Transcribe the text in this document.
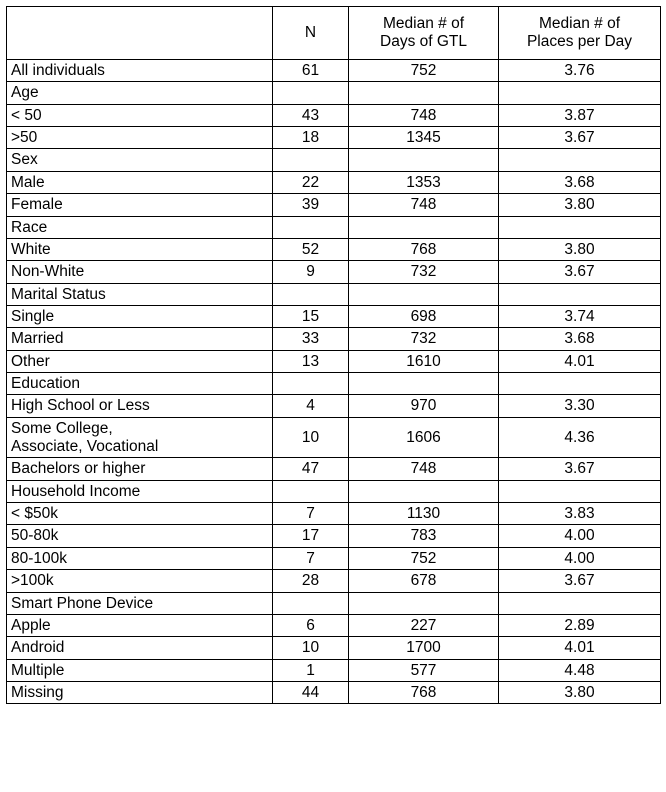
	N	Median # of
Days of GTL	Median # of
Places per Day

All individuals	61	752	3.76
Age			
< 50	43	748	3.87
>50	18	1345	3.67
Sex			
Male	22	1353	3.68
Female	39	748	3.80
Race			
White	52	768	3.80
Non-White	9	732	3.67
Marital Status			
Single	15	698	3.74
Married	33	732	3.68
Other	13	1610	4.01
Education			
High School or Less	4	970	3.30

Some College,
Associate, Vocational	10	1606	4.36
Bachelors or higher	47	748	3.67
Household Income			
< $50k	7	1130	3.83
50-80k	17	783	4.00
80-100k	7	752	4.00
>100k	28	678	3.67
Smart Phone Device			
Apple	6	227	2.89
Android	10	1700	4.01
Multiple	1	577	4.48
Missing	44	768	3.80
